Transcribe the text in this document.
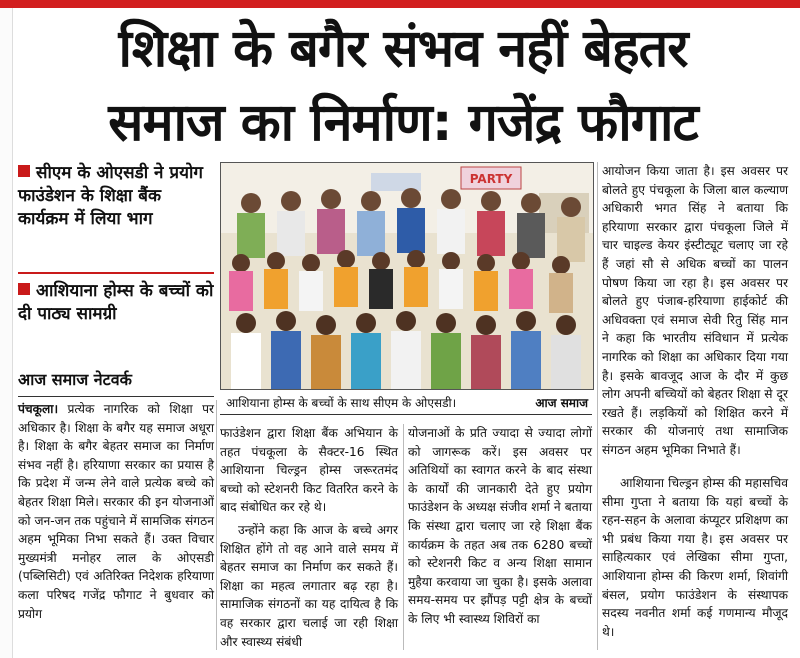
शिक्षा के बगैर संभव नहीं बेहतर
समाज का निर्माण: गजेंद्र फौगाट
सीएम के ओएसडी ने प्रयोग फाउंडेशन के शिक्षा बैंक कार्यक्रम में लिया भाग
आशियाना होम्स के बच्चों को दी पाठ्य सामग्री
आज समाज नेटवर्क
PARTY
आशियाना होम्स के बच्चों के साथ सीएम के ओएसडी।	आज समाज
पंचकूला। प्रत्येक नागरिक को शिक्षा पर अधिकार है। शिक्षा के बगैर यह समाज अधूरा है। शिक्षा के बगैर बेहतर समाज का निर्माण संभव नहीं है। हरियाणा सरकार का प्रयास है कि प्रदेश में जन्म लेने वाले प्रत्येक बच्चे को बेहतर शिक्षा मिले। सरकार की इन योजनाओं को जन-जन तक पहुंचाने में सामजिक संगठन अहम भूमिका निभा सकते हैं। उक्त विचार मुख्यमंत्री मनोहर लाल के ओएसडी (पब्लिसिटी) एवं अतिरिक्त निदेशक हरियाणा कला परिषद गजेंद्र फौगाट ने बुधवार को प्रयोग
फाउंडेशन द्वारा शिक्षा बैंक अभियान के तहत पंचकूला के सैक्टर-16 स्थित आशियाना चिल्ड्रन होम्स जरूरतमंद बच्चो को स्टेशनरी किट वितरित करने के बाद संबोधित कर रहे थे।
उन्होंने कहा कि आज के बच्चे अगर शिक्षित होंगे तो वह आने वाले समय में बेहतर समाज का निर्माण कर सकते हैं। शिक्षा का महत्व लगातार बढ़ रहा है। सामाजिक संगठनों का यह दायित्व है कि वह सरकार द्वारा चलाई जा रही शिक्षा और स्वास्थ्य संबंधी
योजनाओं के प्रति ज्यादा से ज्यादा लोगों को जागरूक करें। इस अवसर पर अतिथियों का स्वागत करने के बाद संस्था के कार्यों की जानकारी देते हुए प्रयोग फाउंडेशन के अध्यक्ष संजीव शर्मा ने बताया कि संस्था द्वारा चलाए जा रहे शिक्षा बैंक कार्यक्रम के तहत अब तक 6280 बच्चों को स्टेशनरी किट व अन्य शिक्षा सामान मुहैया करवाया जा चुका है। इसके अलावा समय-समय पर झौंपड़ पट्टी क्षेत्र के बच्चों के लिए भी स्वास्थ्य शिविरों का
आयोजन किया जाता है। इस अवसर पर बोलते हुए पंचकूला के जिला बाल कल्याण अधिकारी भगत सिंह ने बताया कि हरियाणा सरकार द्वारा पंचकूला जिले में चार चाइल्ड केयर इंस्टीट्यूट चलाए जा रहे हैं जहां सौ से अधिक बच्चों का पालन पोषण किया जा रहा है। इस अवसर पर बोलते हुए पंजाब-हरियाणा हाईकोर्ट की अधिवक्ता एवं समाज सेवी रितु सिंह मान ने कहा कि भारतीय संविधान में प्रत्येक नागरिक को शिक्षा का अधिकार दिया गया है। इसके बावजूद आज के दौर में कुछ लोग अपनी बच्चियों को बेहतर शिक्षा से दूर रखते हैं। लड़कियों को शिक्षित करने में सरकार की योजनाएं तथा सामाजिक संगठन अहम भूमिका निभाते हैं।
आशियाना चिल्ड्रन होम्स की महासचिव सीमा गुप्ता ने बताया कि यहां बच्चों के रहन-सहन के अलावा कंप्यूटर प्रशिक्षण का भी प्रबंध किया गया है। इस अवसर पर साहित्यकार एवं लेखिका सीमा गुप्ता, आशियाना होम्स की किरण शर्मा, शिवांगी बंसल, प्रयोग फाउंडेशन के संस्थापक सदस्य नवनीत शर्मा कई गणमान्य मौजूद थे।
